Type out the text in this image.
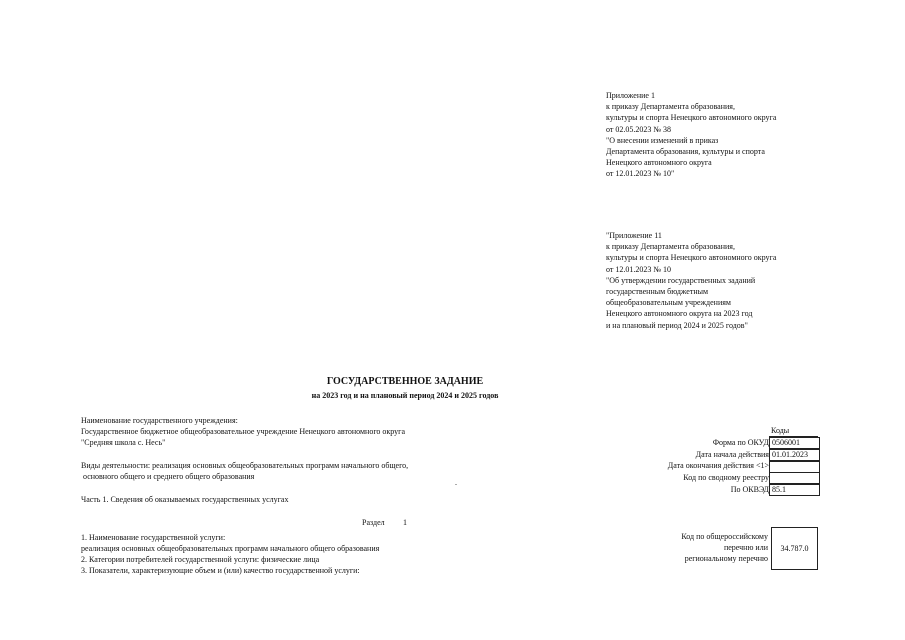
Приложение 1
к приказу Департамента образования,
культуры и спорта Ненецкого автономного округа
от 02.05.2023 № 38
"О внесении изменений в приказ
Департамента образования, культуры и спорта
Ненецкого автономного округа
от 12.01.2023 № 10"
"Приложение 11
к приказу Департамента образования,
культуры и спорта Ненецкого автономного округа
от 12.01.2023 № 10
"Об утверждении государственных заданий
государственным бюджетным
общеобразовательным учреждениям
Ненецкого автономного округа на 2023 год
и на плановый период 2024 и 2025 годов"
ГОСУДАРСТВЕННОЕ ЗАДАНИЕ
на 2023 год и на плановый период 2024 и 2025 годов
Наименование государственного учреждения:
Государственное бюджетное общеобразовательное учреждение Ненецкого автономного округа
"Средняя школа с. Несь"
Виды деятельности: реализация основных общеобразовательных программ начального общего,
основного общего и среднего общего образования
Часть 1. Сведения об оказываемых государственных услугах
Раздел 1
1. Наименование государственной услуги:
реализация основных общеобразовательных программ начального общего образования
2. Категории потребителей государственной услуги: физические лица
3. Показатели, характеризующие объем и (или) качество государственной услуги:
Коды
Форма по ОКУД 0506001
Дата начала действия 01.01.2023
Дата окончания действия <1>
Код по сводному реестру
По ОКВЭД 85.1
Код по общероссийскому
перечню или
региональному перечню
34.787.0
